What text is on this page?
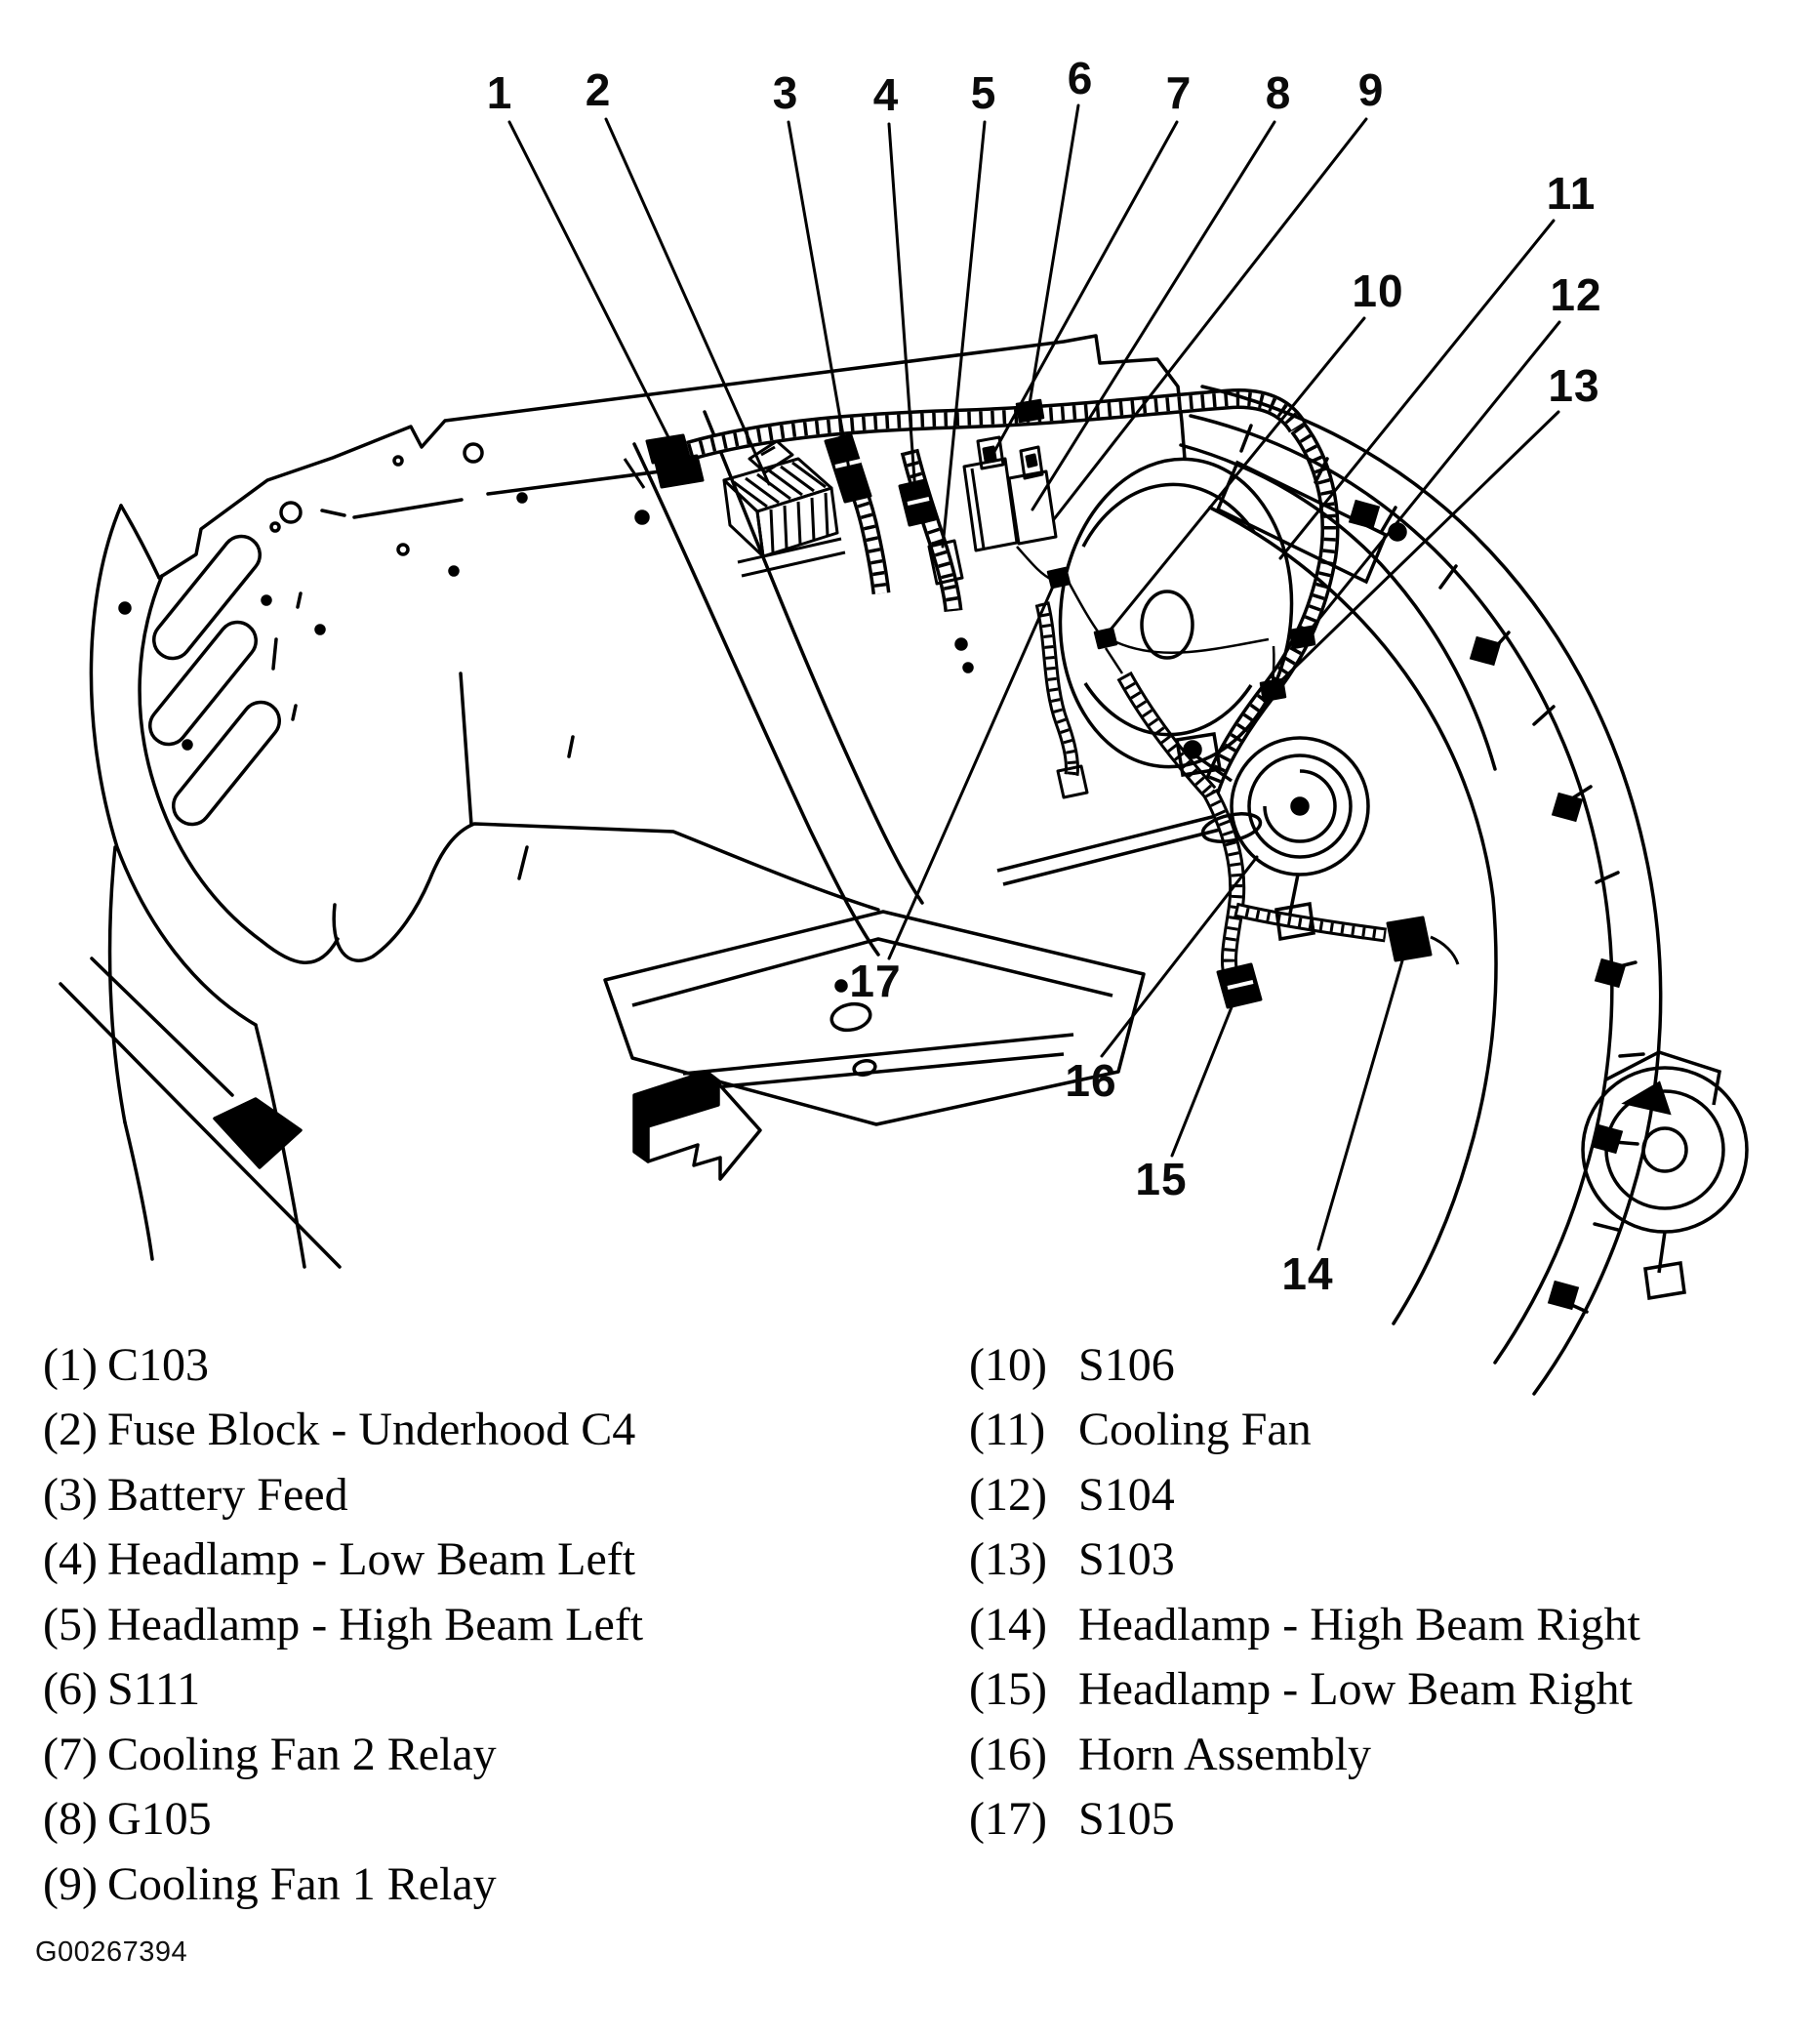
1 2	3 4 5 6 7 8 9
10
11
12
13
14
15
16
17
(1) C103
(2) Fuse Block - Underhood C4
(3) Battery Feed
(4) Headlamp - Low Beam Left
(5) Headlamp - High Beam Left
(6) S111
(7) Cooling Fan 2 Relay
(8) G105
(9) Cooling Fan 1 Relay
(10) S106
(11) Cooling Fan
(12) S104
(13) S103
(14) Headlamp - High Beam Right
(15) Headlamp - Low Beam Right
(16) Horn Assembly
(17) S105
G00267394
